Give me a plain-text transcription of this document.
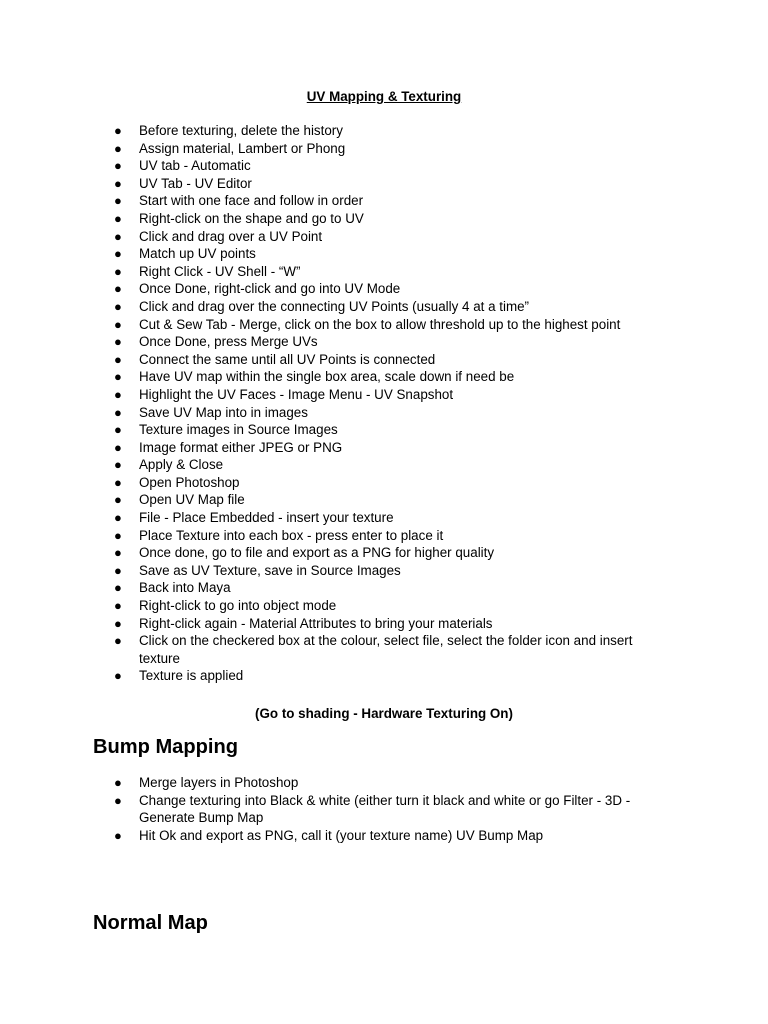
UV Mapping & Texturing
● Before texturing, delete the history
● Assign material, Lambert or Phong
● UV tab - Automatic
● UV Tab - UV Editor
● Start with one face and follow in order
● Right-click on the shape and go to UV
● Click and drag over a UV Point
● Match up UV points
● Right Click - UV Shell - “W”
● Once Done, right-click and go into UV Mode
● Click and drag over the connecting UV Points (usually 4 at a time”
● Cut & Sew Tab - Merge, click on the box to allow threshold up to the highest point
● Once Done, press Merge UVs
● Connect the same until all UV Points is connected
● Have UV map within the single box area, scale down if need be
● Highlight the UV Faces - Image Menu - UV Snapshot
● Save UV Map into in images
● Texture images in Source Images
● Image format either JPEG or PNG
● Apply & Close
● Open Photoshop
● Open UV Map file
● File - Place Embedded - insert your texture
● Place Texture into each box - press enter to place it
● Once done, go to file and export as a PNG for higher quality
● Save as UV Texture, save in Source Images
● Back into Maya
● Right-click to go into object mode
● Right-click again - Material Attributes to bring your materials
● Click on the checkered box at the colour, select file, select the folder icon and insert texture
● Texture is applied

(Go to shading - Hardware Texturing On)

Bump Mapping
● Merge layers in Photoshop
● Change texturing into Black & white (either turn it black and white or go Filter - 3D - Generate Bump Map
● Hit Ok and export as PNG, call it (your texture name) UV Bump Map
Normal Map
